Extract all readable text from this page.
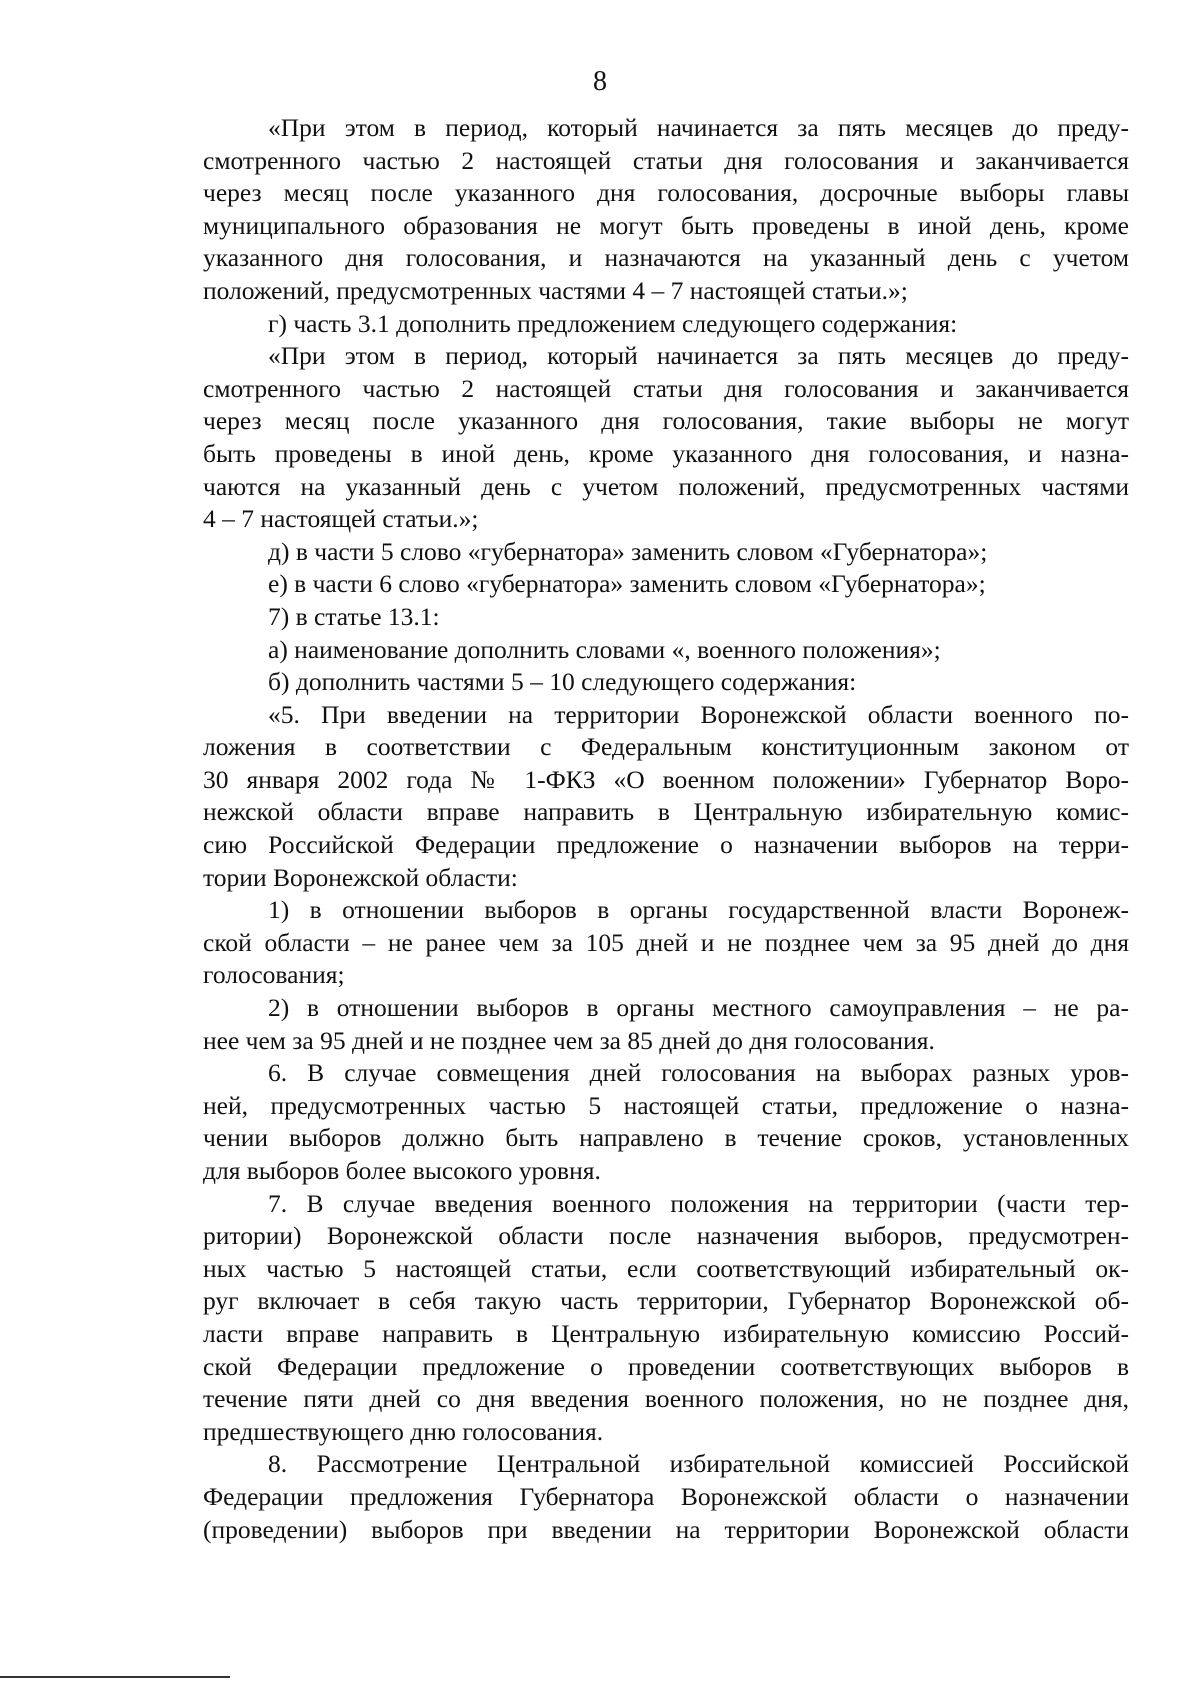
8

«При этом в период, который начинается за пять месяцев до преду-
смотренного частью 2 настоящей статьи дня голосования и заканчивается
через месяц после указанного дня голосования, досрочные выборы главы
муниципального образования не могут быть проведены в иной день, кроме
указанного дня голосования, и назначаются на указанный день с учетом
положений, предусмотренных частями 4 – 7 настоящей статьи.»;

г) часть 3.1 дополнить предложением следующего содержания:

«При этом в период, который начинается за пять месяцев до преду-
смотренного частью 2 настоящей статьи дня голосования и заканчивается
через месяц после указанного дня голосования, такие выборы не могут
быть проведены в иной день, кроме указанного дня голосования, и назна-
чаются на указанный день с учетом положений, предусмотренных частями
4 – 7 настоящей статьи.»;

д) в части 5 слово «губернатора» заменить словом «Губернатора»;

е) в части 6 слово «губернатора» заменить словом «Губернатора»;

7) в статье 13.1:

а) наименование дополнить словами «, военного положения»;

б) дополнить частями 5 – 10 следующего содержания:

«5. При введении на территории Воронежской области военного по-
ложения в соответствии с Федеральным конституционным законом от
30 января 2002 года № 1-ФКЗ «О военном положении» Губернатор Воро-
нежской области вправе направить в Центральную избирательную комис-
сию Российской Федерации предложение о назначении выборов на терри-
тории Воронежской области:

1) в отношении выборов в органы государственной власти Воронеж-
ской области – не ранее чем за 105 дней и не позднее чем за 95 дней до дня
голосования;

2) в отношении выборов в органы местного самоуправления – не ра-
нее чем за 95 дней и не позднее чем за 85 дней до дня голосования.

6. В случае совмещения дней голосования на выборах разных уров-
ней, предусмотренных частью 5 настоящей статьи, предложение о назна-
чении выборов должно быть направлено в течение сроков, установленных
для выборов более высокого уровня.

7. В случае введения военного положения на территории (части тер-
ритории) Воронежской области после назначения выборов, предусмотрен-
ных частью 5 настоящей статьи, если соответствующий избирательный ок-
руг включает в себя такую часть территории, Губернатор Воронежской об-
ласти вправе направить в Центральную избирательную комиссию Россий-
ской Федерации предложение о проведении соответствующих выборов в
течение пяти дней со дня введения военного положения, но не позднее дня,
предшествующего дню голосования.

8. Рассмотрение Центральной избирательной комиссией Российской
Федерации предложения Губернатора Воронежской области о назначении
(проведении) выборов при введении на территории Воронежской области
